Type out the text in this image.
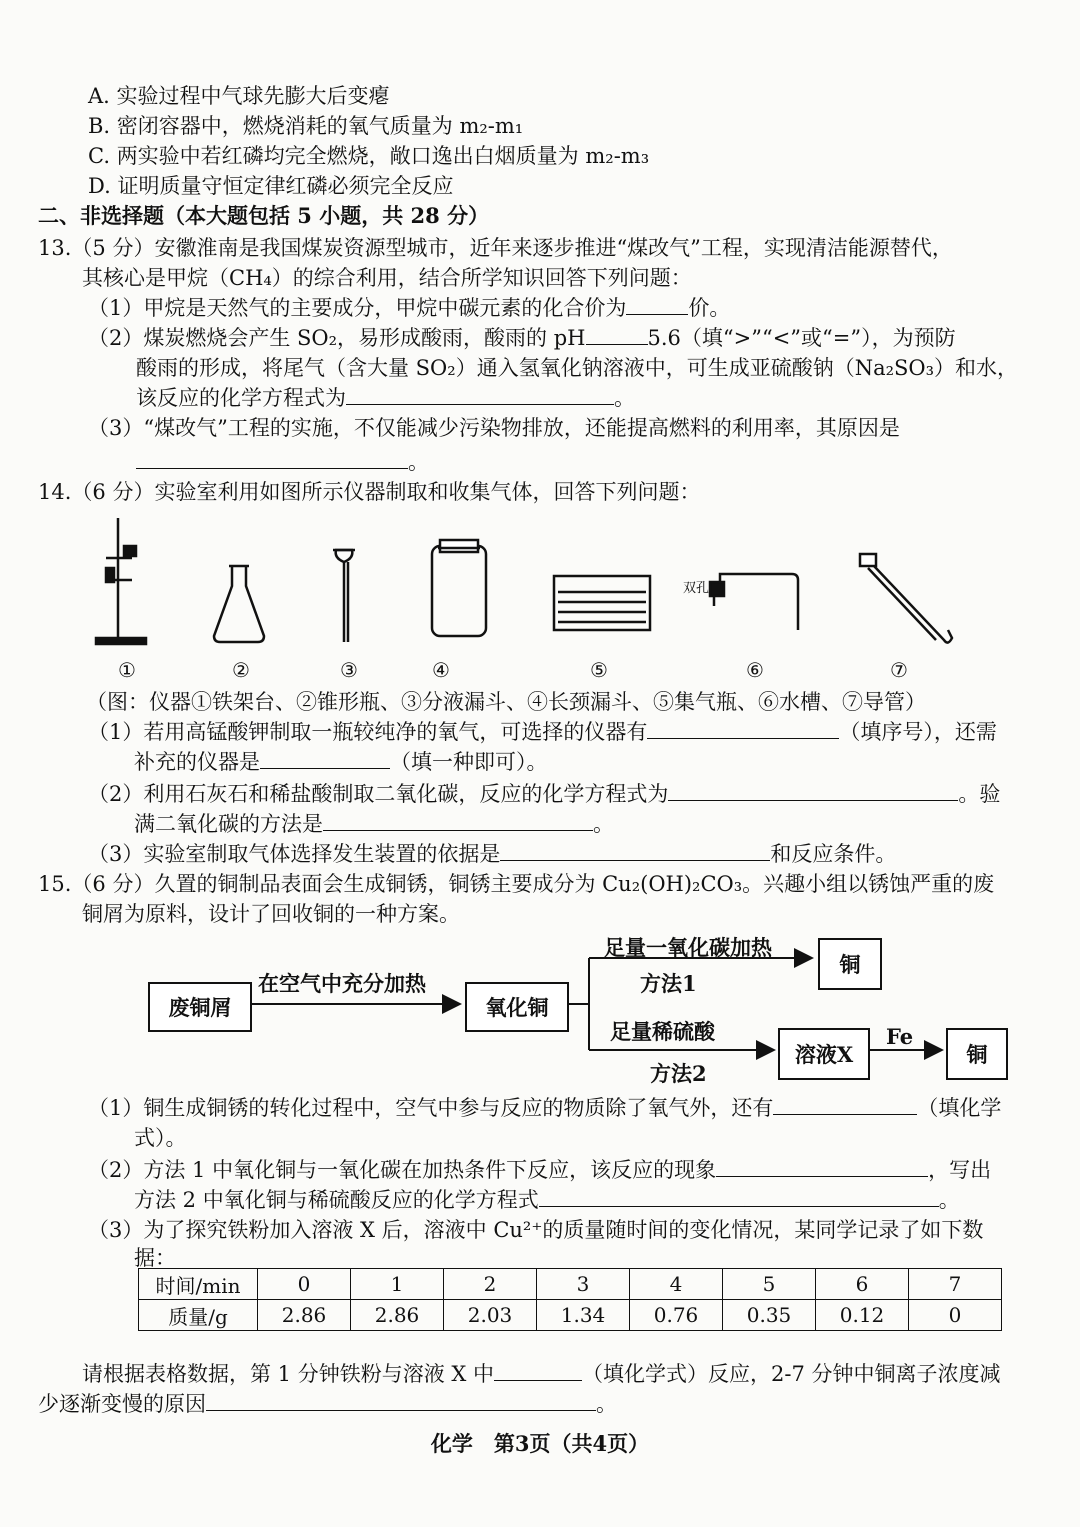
A. 实验过程中气球先膨大后变瘪
B. 密闭容器中，燃烧消耗的氧气质量为 m₂-m₁
C. 两实验中若红磷均完全燃烧，敞口逸出白烟质量为 m₂-m₃
D. 证明质量守恒定律红磷必须完全反应
二、非选择题（本大题包括 5 小题，共 28 分）
13.（5 分）安徽淮南是我国煤炭资源型城市，近年来逐步推进“煤改气”工程，实现清洁能源替代，
其核心是甲烷（CH₄）的综合利用，结合所学知识回答下列问题：
（1）甲烷是天然气的主要成分，甲烷中碳元素的化合价为	价。
（2）煤炭燃烧会产生 SO₂，易形成酸雨，酸雨的 pH	5.6（填“>”“<”或“=”），为预防
酸雨的形成，将尾气（含大量 SO₂）通入氢氧化钠溶液中，可生成亚硫酸钠（Na₂SO₃）和水，
该反应的化学方程式为	。
（3）“煤改气”工程的实施，不仅能减少污染物排放，还能提高燃料的利用率，其原因是
。
14.（6 分）实验室利用如图所示仪器制取和收集气体，回答下列问题：
双孔
①	②	③	④	⑤	⑥	⑦
（图：仪器①铁架台、②锥形瓶、③分液漏斗、④长颈漏斗、⑤集气瓶、⑥水槽、⑦导管）
（1）若用高锰酸钾制取一瓶较纯净的氧气，可选择的仪器有	（填序号），还需
补充的仪器是	（填一种即可）。
（2）利用石灰石和稀盐酸制取二氧化碳，反应的化学方程式为	。验
满二氧化碳的方法是	。
（3）实验室制取气体选择发生装置的依据是	和反应条件。
15.（6 分）久置的铜制品表面会生成铜锈，铜锈主要成分为 Cu₂(OH)₂CO₃。兴趣小组以锈蚀严重的废
铜屑为原料，设计了回收铜的一种方案。
废铜屑
在空气中充分加热
氧化铜
足量一氧化碳加热
方法1
铜
足量稀硫酸
方法2
溶液X
Fe
铜
（1）铜生成铜锈的转化过程中，空气中参与反应的物质除了氧气外，还有	（填化学
式）。
（2）方法 1 中氧化铜与一氧化碳在加热条件下反应，该反应的现象	，写出
方法 2 中氧化铜与稀硫酸反应的化学方程式	。
（3）为了探究铁粉加入溶液 X 后，溶液中 Cu²⁺的质量随时间的变化情况，某同学记录了如下数
据：
时间/min	0	1	2	3	4	5	6	7
质量/g	2.86	2.86	2.03	1.34	0.76	0.35	0.12	0
请根据表格数据，第 1 分钟铁粉与溶液 X 中	（填化学式）反应，2-7 分钟中铜离子浓度减
少逐渐变慢的原因	。
化学　第3页（共4页）
